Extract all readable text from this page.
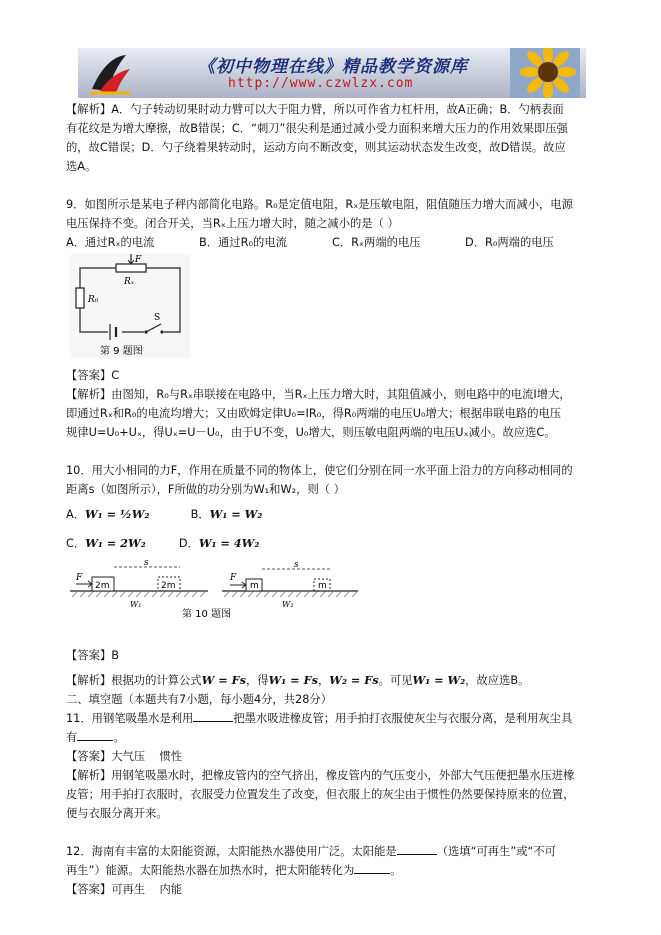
《初中物理在线》精品教学资源库
http://www.czwlzx.com

【解析】A．勺子转动切果时动力臂可以大于阻力臂，所以可作省力杠杆用，故A正确；B．勺柄表面

有花纹是为增大摩擦，故B错误；C．“刺刀”很尖利是通过减小受力面积来增大压力的作用效果即压强

的，故C错误；D．勺子绕着果转动时，运动方向不断改变，则其运动状态发生改变，故D错误。故应

选A。

9．如图所示是某电子秤内部简化电路。R₀是定值电阻，Rₓ是压敏电阻，阻值随压力增大而减小，电源

电压保持不变。闭合开关，当Rₓ上压力增大时，随之减小的是（ ）

A．通过Rₓ的电流	B．通过R₀的电流	C．Rₓ两端的电压	D．R₀两端的电压
F
Rₓ
R₀
S
第 9 题图

【答案】C

【解析】由图知，R₀与Rₓ串联接在电路中，当Rₓ上压力增大时，其阻值减小，则电路中的电流I增大，

即通过Rₓ和R₀的电流均增大；又由欧姆定律U₀=IR₀，得R₀两端的电压U₀增大；根据串联电路的电压

规律U=U₀+Uₓ，得Uₓ=U－U₀，由于U不变，U₀增大，则压敏电阻两端的电压Uₓ减小。故应选C。

10．用大小相同的力F，作用在质量不同的物体上，使它们分别在同一水平面上沿力的方向移动相同的

距离s（如图所示），F所做的功分别为W₁和W₂，则（ ）

A．W₁ = ½W₂	B．W₁ = W₂

C．W₁ = 2W₂	D．W₁ = 4W₂

2m
F
2m
s
W₁
m
F
m
s
W₂
第 10 题图

【答案】B

【解析】根据功的计算公式W = Fs，得W₁ = Fs，W₂ = Fs。可见W₁ = W₂，故应选B。

二、填空题（本题共有7小题，每小题4分，共28分）

11．用钢笔吸墨水是利用	把墨水吸进橡皮管；用手拍打衣服使灰尘与衣服分离，是利用灰尘具

有	。

【答案】大气压    惯性

【解析】用钢笔吸墨水时，把橡皮管内的空气挤出，橡皮管内的气压变小，外部大气压便把墨水压进橡

皮管；用手拍打衣服时，衣服受力位置发生了改变，但衣服上的灰尘由于惯性仍然要保持原来的位置，

便与衣服分离开来。

12．海南有丰富的太阳能资源，太阳能热水器使用广泛。太阳能是	（选填“可再生”或“不可

再生”）能源。太阳能热水器在加热水时，把太阳能转化为	。

【答案】可再生    内能
